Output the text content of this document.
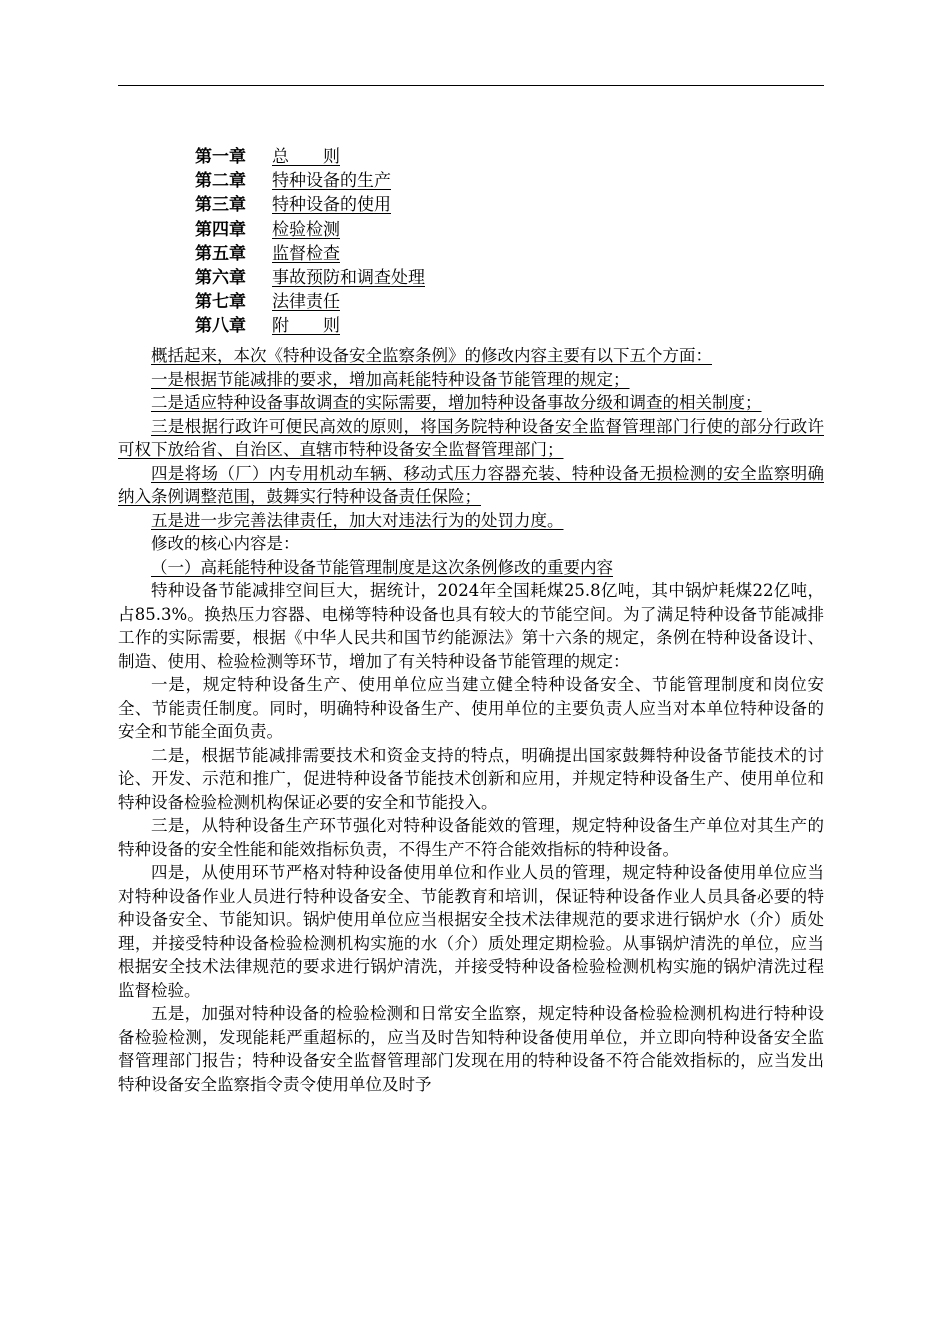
第一章 总　　则
第二章 特种设备的生产
第三章 特种设备的使用
第四章 检验检测
第五章 监督检查
第六章 事故预防和调查处理
第七章 法律责任
第八章 附　　则

概括起来，本次《特种设备安全监察条例》的修改内容主要有以下五个方面：

一是根据节能减排的要求，增加高耗能特种设备节能管理的规定；

二是适应特种设备事故调查的实际需要，增加特种设备事故分级和调查的相关制度；

三是根据行政许可便民高效的原则，将国务院特种设备安全监督管理部门行使的部分行政许可权下放给省、自治区、直辖市特种设备安全监督管理部门；

四是将场（厂）内专用机动车辆、移动式压力容器充装、特种设备无损检测的安全监察明确纳入条例调整范围，鼓舞实行特种设备责任保险；

五是进一步完善法律责任，加大对违法行为的处罚力度。

修改的核心内容是：

（一）高耗能特种设备节能管理制度是这次条例修改的重要内容

特种设备节能减排空间巨大，据统计，2024年全国耗煤25.8亿吨，其中锅炉耗煤22亿吨，占85.3%。换热压力容器、电梯等特种设备也具有较大的节能空间。为了满足特种设备节能减排工作的实际需要，根据《中华人民共和国节约能源法》第十六条的规定，条例在特种设备设计、制造、使用、检验检测等环节，增加了有关特种设备节能管理的规定：

一是，规定特种设备生产、使用单位应当建立健全特种设备安全、节能管理制度和岗位安全、节能责任制度。同时，明确特种设备生产、使用单位的主要负责人应当对本单位特种设备的安全和节能全面负责。

二是，根据节能减排需要技术和资金支持的特点，明确提出国家鼓舞特种设备节能技术的讨论、开发、示范和推广，促进特种设备节能技术创新和应用，并规定特种设备生产、使用单位和特种设备检验检测机构保证必要的安全和节能投入。

三是，从特种设备生产环节强化对特种设备能效的管理，规定特种设备生产单位对其生产的特种设备的安全性能和能效指标负责，不得生产不符合能效指标的特种设备。

四是，从使用环节严格对特种设备使用单位和作业人员的管理，规定特种设备使用单位应当对特种设备作业人员进行特种设备安全、节能教育和培训，保证特种设备作业人员具备必要的特种设备安全、节能知识。锅炉使用单位应当根据安全技术法律规范的要求进行锅炉水（介）质处理，并接受特种设备检验检测机构实施的水（介）质处理定期检验。从事锅炉清洗的单位，应当根据安全技术法律规范的要求进行锅炉清洗，并接受特种设备检验检测机构实施的锅炉清洗过程监督检验。

五是，加强对特种设备的检验检测和日常安全监察，规定特种设备检验检测机构进行特种设备检验检测，发现能耗严重超标的，应当及时告知特种设备使用单位，并立即向特种设备安全监督管理部门报告；特种设备安全监督管理部门发现在用的特种设备不符合能效指标的，应当发出特种设备安全监察指令责令使用单位及时予
